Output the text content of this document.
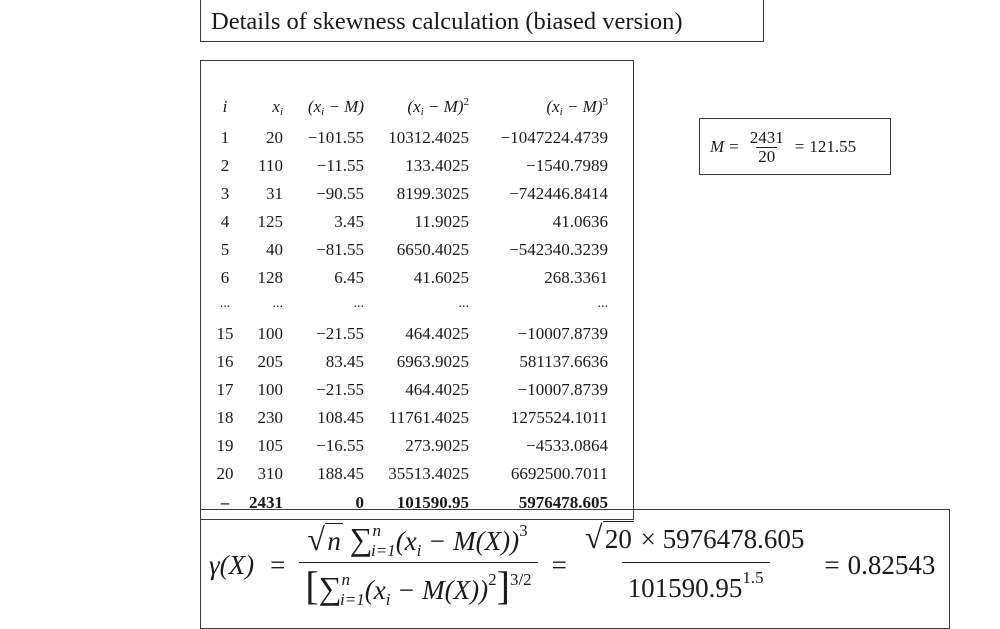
Details of skewness calculation (biased version)
i	$x_i$ $(x_i - M)$	$(x_i - M)^2$	$(x_i - M)^3$
1	20 −101.55 10312.4025 −1047224.4739
2	110 −11.55 133.4025	−1540.7989
3	31 −90.55 8199.3025 −742446.8414
4	125	3.45	11.9025	41.0636
5	40 −81.55 6650.4025 −542340.3239
6	128	6.45	41.6025	268.3361
...	...	...	...	...
15	100 −21.55 464.4025	−10007.8739
16	205	83.45 6963.9025	581137.6636
17	100 −21.55 464.4025	−10007.8739
18	230 108.45 11761.4025 1275524.1011
19	105 −16.55 273.9025	−4533.0864
20	310 188.45 35513.4025 6692500.7011
–	2431	0 101590.95	5976478.605
$M = \frac{2431}{20} = 121.55$
γ(X) = √ $\frac{n \sum^n_{i=1}(x_i - M(X))^3}{[\sum^n_{i=1}(x_i - M(X))^2]^{3/2}}$ = √ $\frac{20 \times 5976478.605}{101590.95^{1.5}} = 0.82543$
